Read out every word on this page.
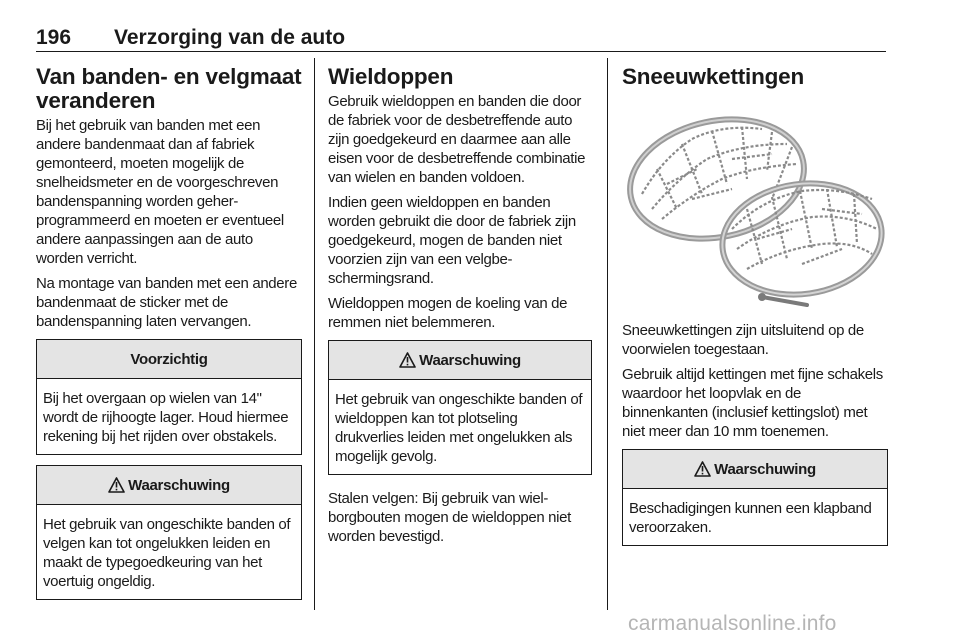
196 Verzorging van de auto
Van banden- en velgmaat veranderen

Bij het gebruik van banden met een andere bandenmaat dan af fabriek gemonteerd, moeten mogelijk de snelheidsmeter en de voorgeschreven bandenspanning worden geherprogrammeerd en moeten er eventueel andere aanpassingen aan de auto worden verricht.

Na montage van banden met een andere bandenmaat de sticker met de bandenspanning laten vervangen.

Voorzichtig

Bij het overgaan op wielen van 14" wordt de rijhoogte lager. Houd hiermee rekening bij het rijden over obstakels.

Waarschuwing

Het gebruik van ongeschikte banden of velgen kan tot ongelukken leiden en maakt de typegoedkeuring van het voertuig ongeldig.

Wieldoppen

Gebruik wieldoppen en banden die door de fabriek voor de desbetreffende auto zijn goedgekeurd en daarmee aan alle eisen voor de desbetreffende combinatie van wielen en banden voldoen.

Indien geen wieldoppen en banden worden gebruikt die door de fabriek zijn goedgekeurd, mogen de banden niet voorzien zijn van een velgbeschermingsrand.

Wieldoppen mogen de koeling van de remmen niet belemmeren.

Waarschuwing

Het gebruik van ongeschikte banden of wieldoppen kan tot plotseling drukverlies leiden met ongelukken als mogelijk gevolg.

Stalen velgen: Bij gebruik van wielborgbouten mogen de wieldoppen niet worden bevestigd.

Sneeuwkettingen

Sneeuwkettingen zijn uitsluitend op de voorwielen toegestaan.

Gebruik altijd kettingen met fijne schakels waardoor het loopvlak en de binnenkanten (inclusief kettingslot) met niet meer dan 10 mm toenemen.

Waarschuwing

Beschadigingen kunnen een klapband veroorzaken.

carmanualsonline.info
